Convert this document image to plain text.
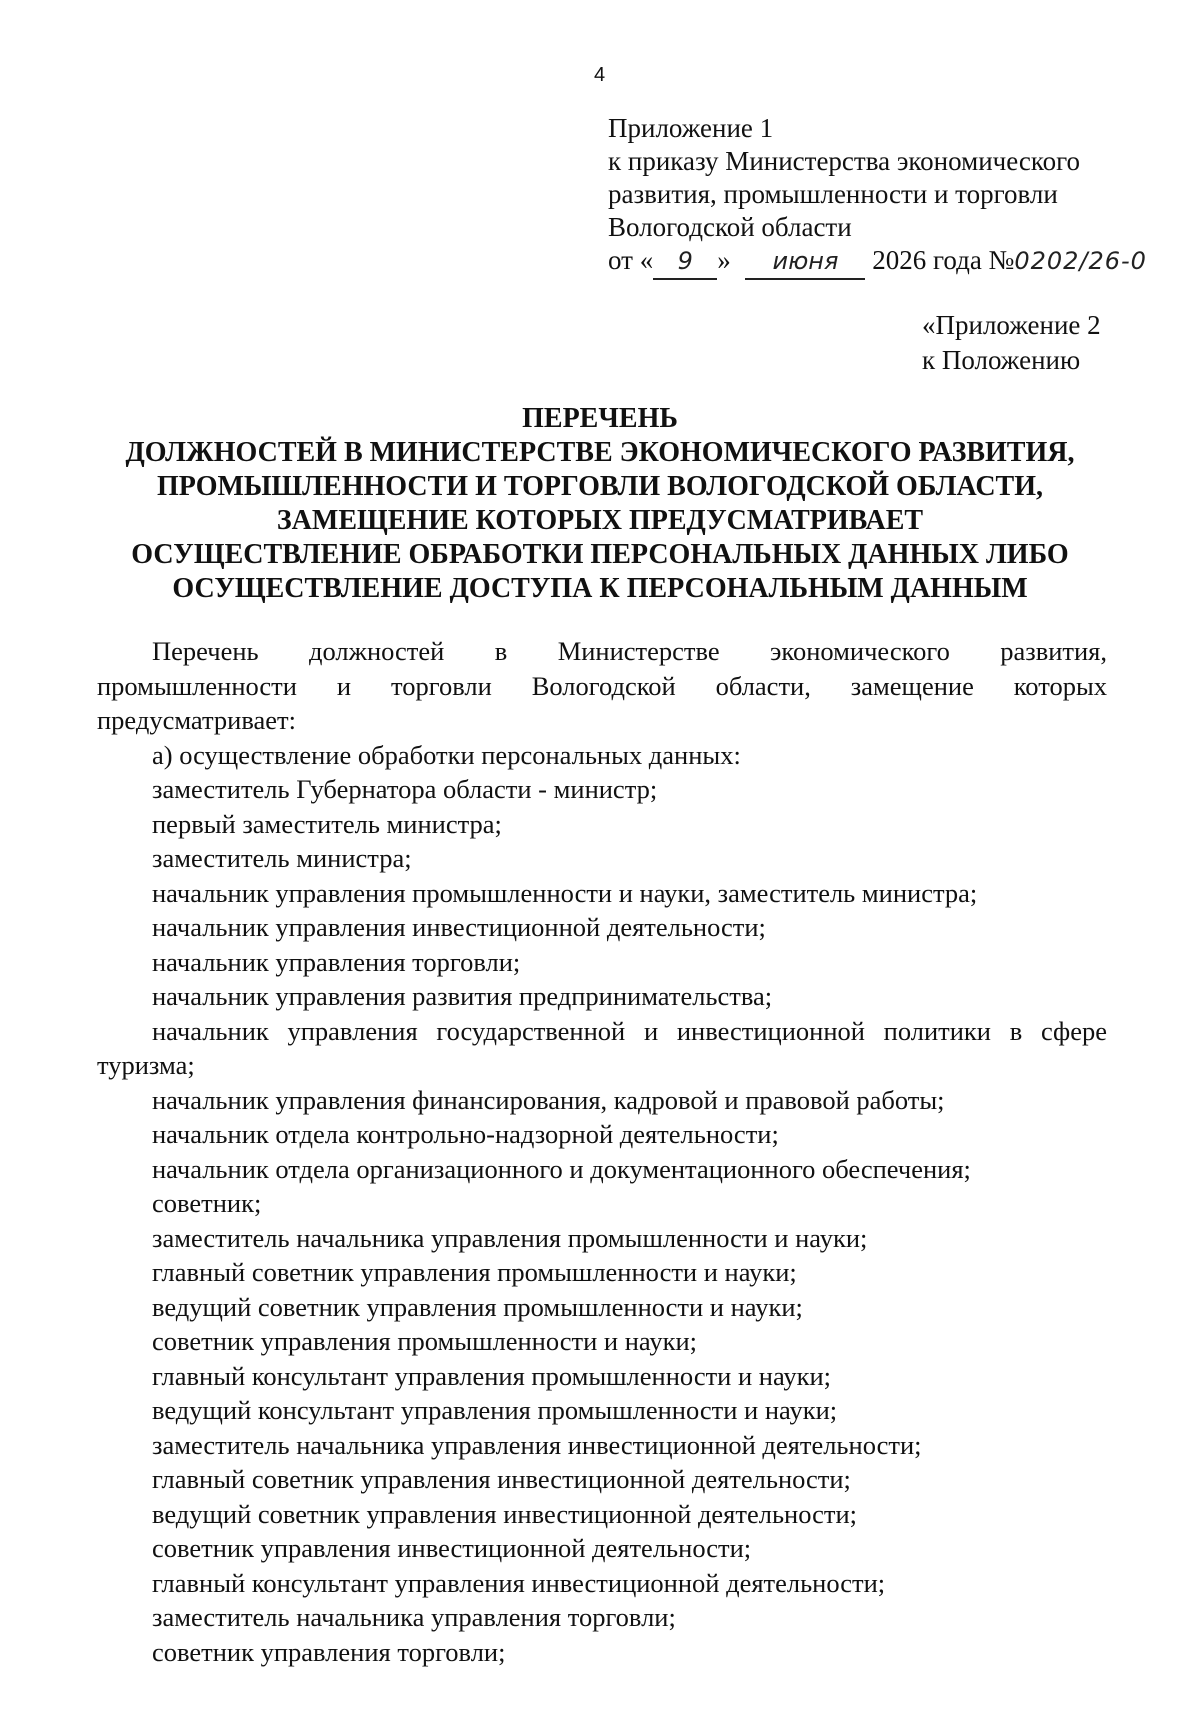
4
Приложение 1
к приказу Министерства экономического
развития, промышленности и торговли
Вологодской области
от « 9 » июня 2026 года №0202/26-0
«Приложение 2
к Положению
ПЕРЕЧЕНЬ
ДОЛЖНОСТЕЙ В МИНИСТЕРСТВЕ ЭКОНОМИЧЕСКОГО РАЗВИТИЯ,
ПРОМЫШЛЕННОСТИ И ТОРГОВЛИ ВОЛОГОДСКОЙ ОБЛАСТИ,
ЗАМЕЩЕНИЕ КОТОРЫХ ПРЕДУСМАТРИВАЕТ
ОСУЩЕСТВЛЕНИЕ ОБРАБОТКИ ПЕРСОНАЛЬНЫХ ДАННЫХ ЛИБО
ОСУЩЕСТВЛЕНИЕ ДОСТУПА К ПЕРСОНАЛЬНЫМ ДАННЫМ
Перечень должностей в Министерстве экономического развития,
промышленности и торговли Вологодской области, замещение которых
предусматривает:
а) осуществление обработки персональных данных:
заместитель Губернатора области - министр;
первый заместитель министра;
заместитель министра;
начальник управления промышленности и науки, заместитель министра;
начальник управления инвестиционной деятельности;
начальник управления торговли;
начальник управления развития предпринимательства;
начальник управления государственной и инвестиционной политики в сфере
туризма;
начальник управления финансирования, кадровой и правовой работы;
начальник отдела контрольно-надзорной деятельности;
начальник отдела организационного и документационного обеспечения;
советник;
заместитель начальника управления промышленности и науки;
главный советник управления промышленности и науки;
ведущий советник управления промышленности и науки;
советник управления промышленности и науки;
главный консультант управления промышленности и науки;
ведущий консультант управления промышленности и науки;
заместитель начальника управления инвестиционной деятельности;
главный советник управления инвестиционной деятельности;
ведущий советник управления инвестиционной деятельности;
советник управления инвестиционной деятельности;
главный консультант управления инвестиционной деятельности;
заместитель начальника управления торговли;
советник управления торговли;
